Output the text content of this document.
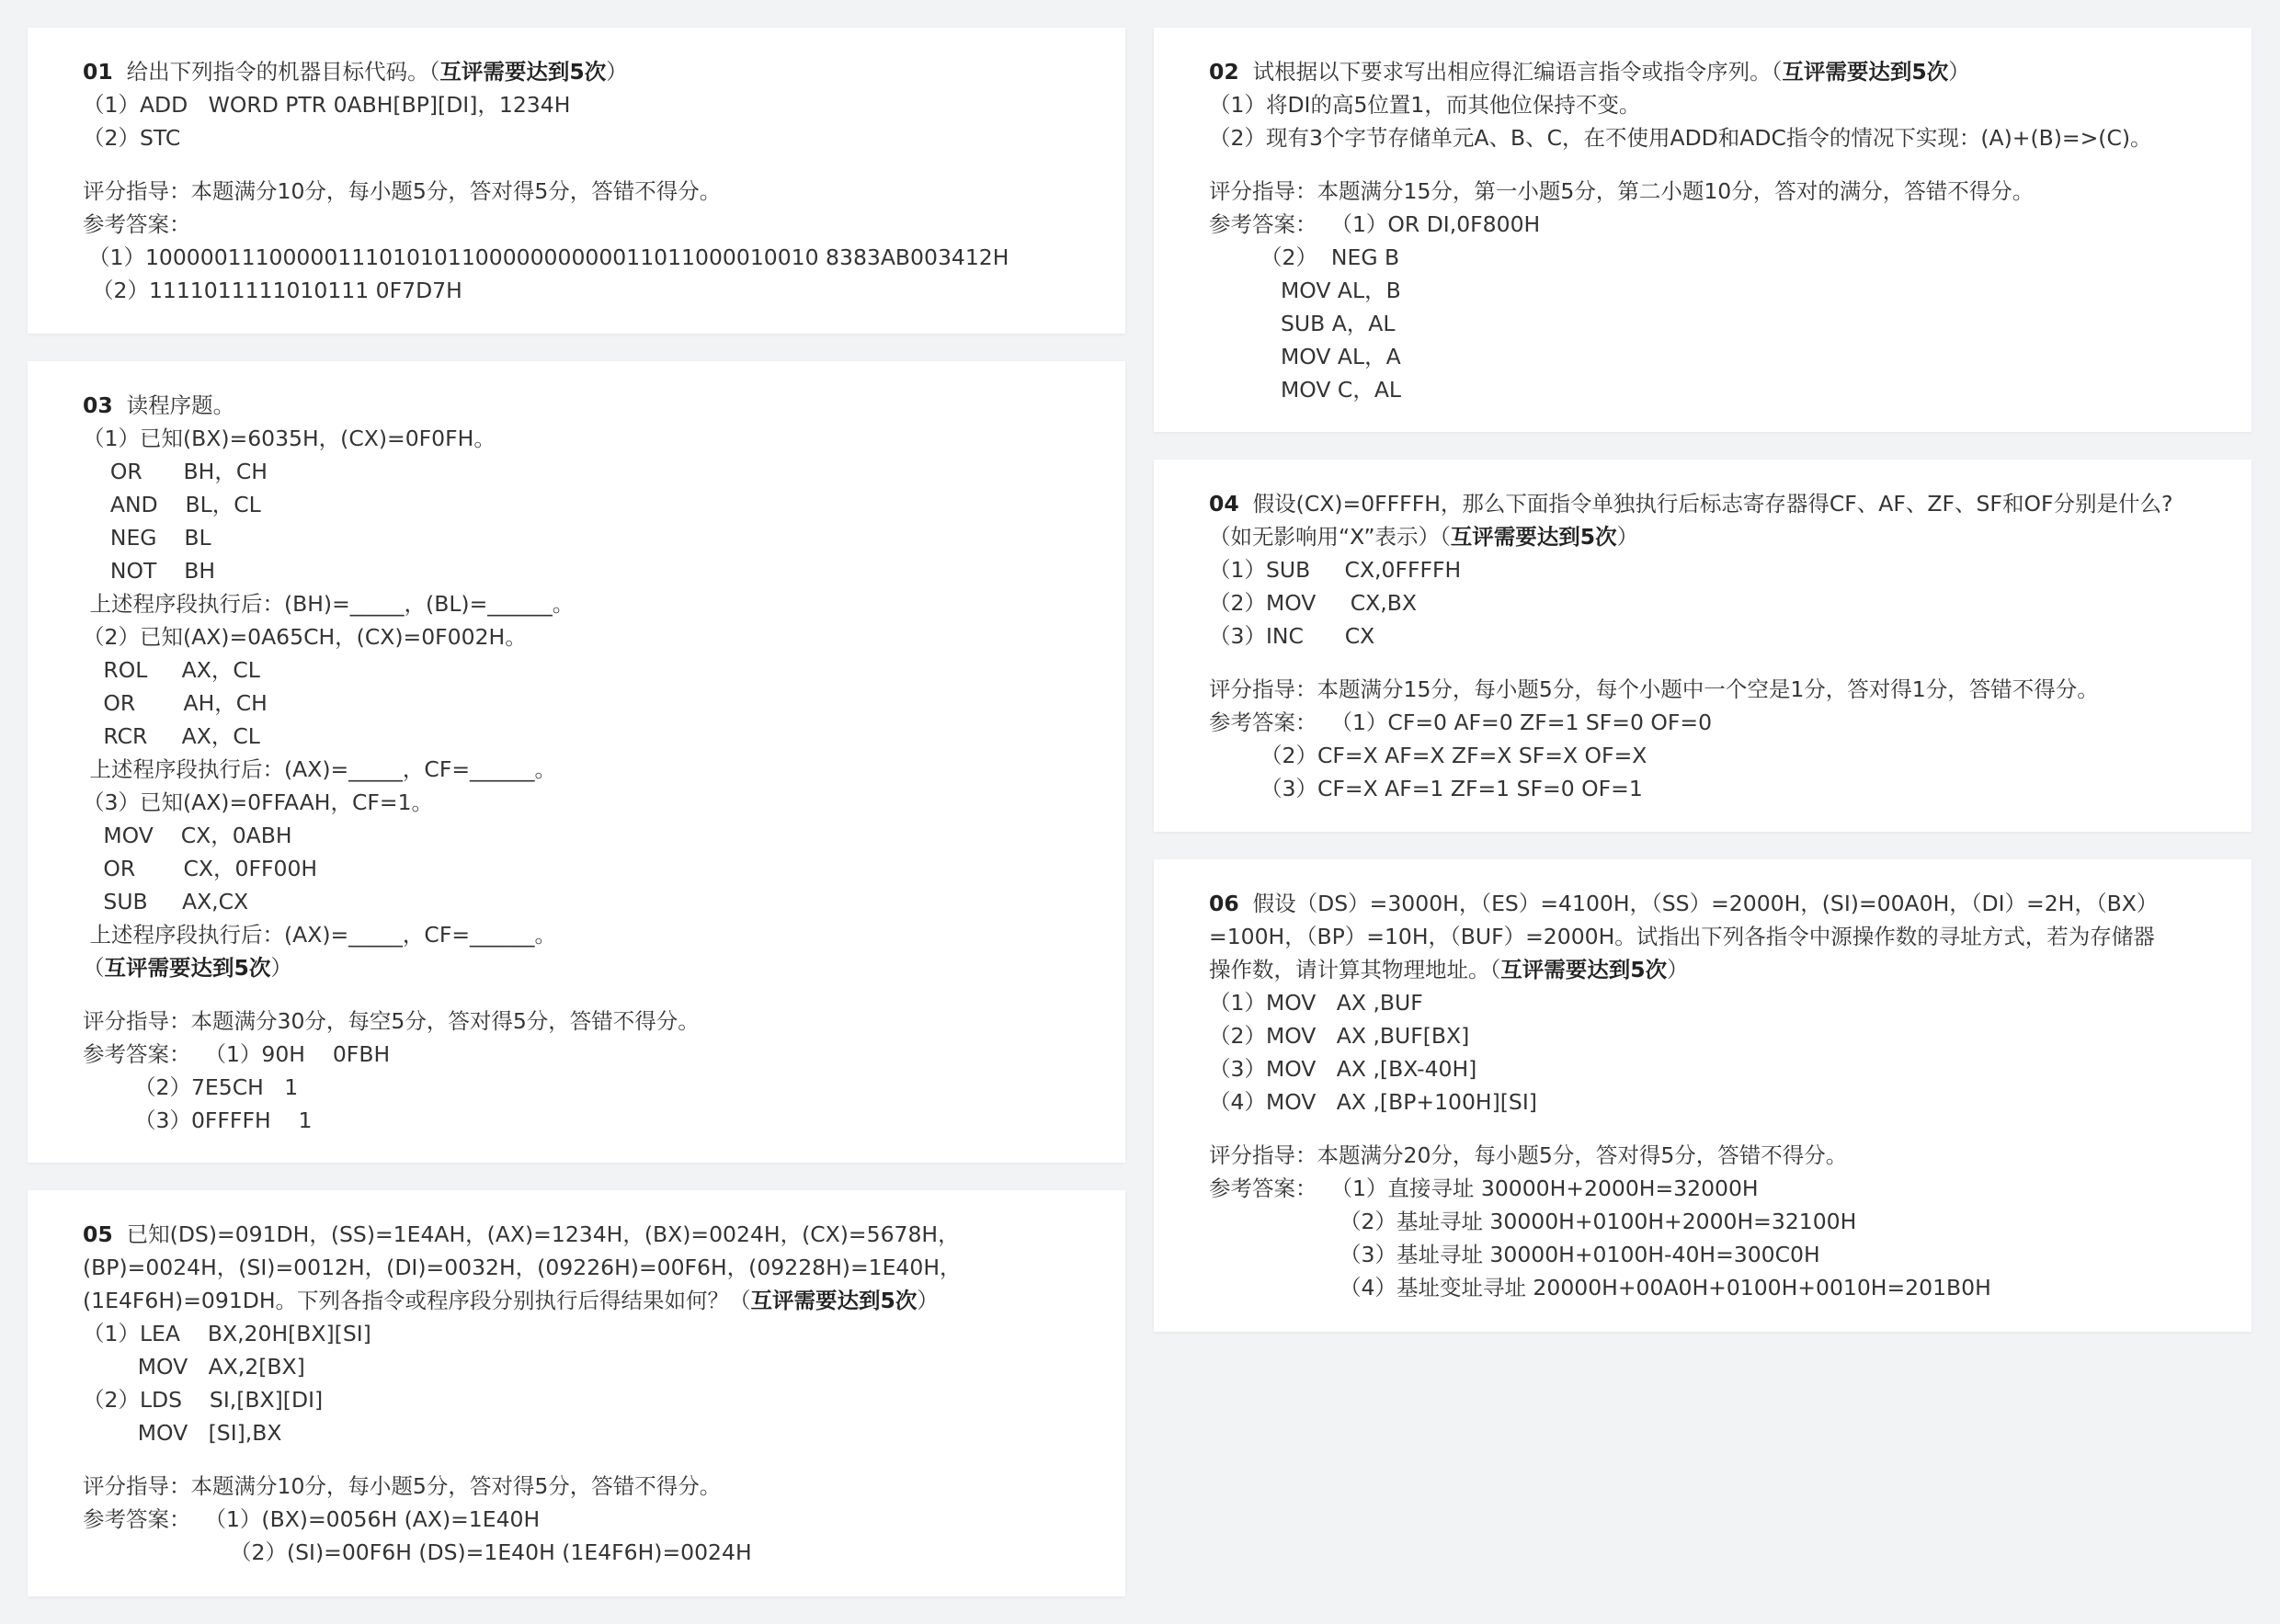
01 给出下列指令的机器目标代码。（互评需要达到5次）
（1）ADD   WORD PTR 0ABH[BP][DI]，1234H
（2）STC
评分指导：本题满分10分，每小题5分，答对得5分，答错不得分。
参考答案：
（1）1000001110000011101010110000000000011011000010010 8383AB003412H
（2）1111011111010111 0F7D7H
03 读程序题。
（1）已知(BX)=6035H，(CX)=0F0FH。
OR      BH，CH
AND    BL，CL
NEG    BL
NOT    BH
上述程序段执行后：(BH)=_____，(BL)=______。
（2）已知(AX)=0A65CH，(CX)=0F002H。
ROL     AX，CL
OR       AH，CH
RCR     AX，CL
上述程序段执行后：(AX)=_____，CF=______。
（3）已知(AX)=0FFAAH，CF=1。
MOV    CX，0ABH
OR       CX，0FF00H
SUB     AX,CX
上述程序段执行后：(AX)=_____，CF=______。
（互评需要达到5次）
评分指导：本题满分30分，每空5分，答对得5分，答错不得分。
参考答案： （1）90H    0FBH
（2）7E5CH   1
（3）0FFFFH    1
05 已知(DS)=091DH，(SS)=1E4AH，(AX)=1234H，(BX)=0024H，(CX)=5678H，
(BP)=0024H，(SI)=0012H，(DI)=0032H，(09226H)=00F6H，(09228H)=1E40H，
(1E4F6H)=091DH。下列各指令或程序段分别执行后得结果如何？（互评需要达到5次）
（1）LEA    BX,20H[BX][SI]
MOV   AX,2[BX]
（2）LDS    SI,[BX][DI]
MOV   [SI],BX
评分指导：本题满分10分，每小题5分，答对得5分，答错不得分。
参考答案： （1）(BX)=0056H (AX)=1E40H
（2）(SI)=00F6H (DS)=1E40H (1E4F6H)=0024H
02 试根据以下要求写出相应得汇编语言指令或指令序列。（互评需要达到5次）
（1）将DI的高5位置1，而其他位保持不变。
（2）现有3个字节存储单元A、B、C，在不使用ADD和ADC指令的情况下实现：(A)+(B)=>(C)。
评分指导：本题满分15分，第一小题5分，第二小题10分，答对的满分，答错不得分。
参考答案： （1）OR DI,0F800H
（2）  NEG B
MOV AL，B
SUB A，AL
MOV AL，A
MOV C，AL
04 假设(CX)=0FFFFH，那么下面指令单独执行后标志寄存器得CF、AF、ZF、SF和OF分别是什么?
（如无影响用“X”表示）（互评需要达到5次）
（1）SUB     CX,0FFFFH
（2）MOV     CX,BX
（3）INC      CX
评分指导：本题满分15分，每小题5分，每个小题中一个空是1分，答对得1分，答错不得分。
参考答案： （1）CF=0 AF=0 ZF=1 SF=0 OF=0
（2）CF=X AF=X ZF=X SF=X OF=X
（3）CF=X AF=1 ZF=1 SF=0 OF=1
06 假设（DS）=3000H，（ES）=4100H，（SS）=2000H，(SI)=00A0H，（DI）=2H，（BX）
=100H，（BP）=10H，（BUF）=2000H。试指出下列各指令中源操作数的寻址方式，若为存储器
操作数，请计算其物理地址。（互评需要达到5次）
（1）MOV   AX ,BUF
（2）MOV   AX ,BUF[BX]
（3）MOV   AX ,[BX-40H]
（4）MOV   AX ,[BP+100H][SI]
评分指导：本题满分20分，每小题5分，答对得5分，答错不得分。
参考答案： （1）直接寻址 30000H+2000H=32000H
（2）基址寻址 30000H+0100H+2000H=32100H
（3）基址寻址 30000H+0100H-40H=300C0H
（4）基址变址寻址 20000H+00A0H+0100H+0010H=201B0H
